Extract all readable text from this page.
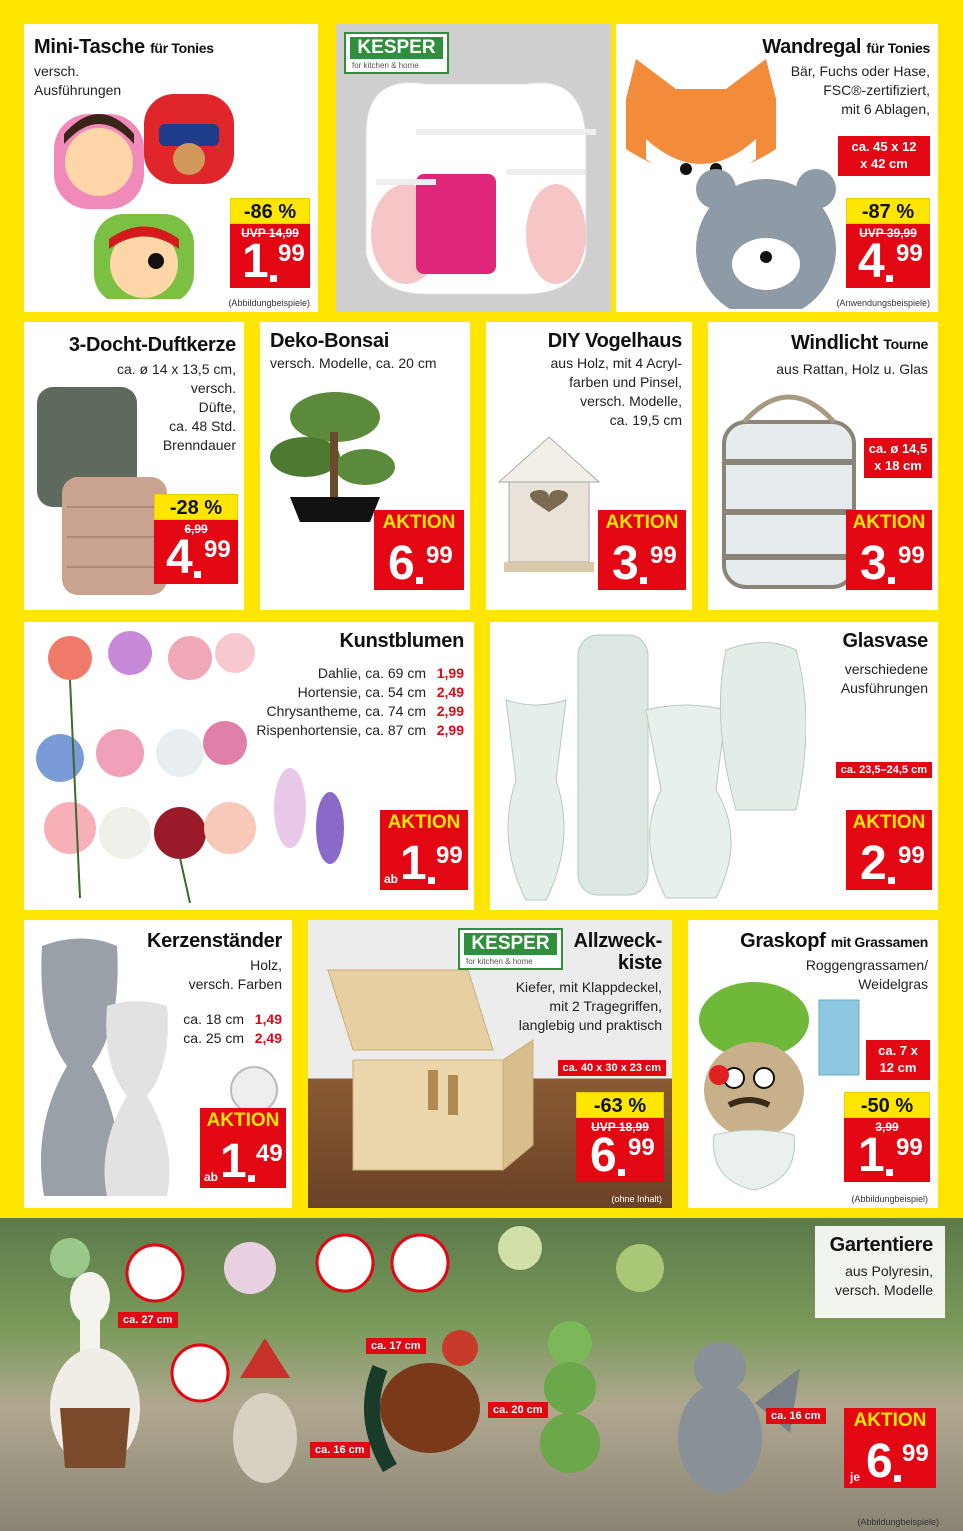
Mini-Tasche für Tonies
versch.
Ausführungen
-86 %
UVP 14,99
1 99
(Abbildungbeispiele)
KESPER
for kitchen & home
Wandregal für Tonies
Bär, Fuchs oder Hase,
FSC®-zertifiziert,
mit 6 Ablagen,
ca. 45 x 12
x 42 cm
-87 %
UVP 39,99
4 99
(Anwendungsbeispiele)
3-Docht-Duftkerze
ca. ø 14 x 13,5 cm,
versch.
Düfte,
ca. 48 Std.
Brenndauer
-28 %
6,99
4 99
Deko-Bonsai
versch. Modelle, ca. 20 cm
AKTION
6 99
DIY Vogelhaus
aus Holz, mit 4 Acryl-
farben und Pinsel,
versch. Modelle,
ca. 19,5 cm
AKTION
3 99
Windlicht Tourne
aus Rattan, Holz u. Glas
ca. ø 14,5
x 18 cm
AKTION
3 99
Kunstblumen
Dahlie, ca. 69 cm 1,99
Hortensie, ca. 54 cm 2,49
Chrysantheme, ca. 74 cm 2,99
Rispenhortensie, ca. 87 cm 2,99
AKTION
ab 1 99
Glasvase
verschiedene
Ausführungen
ca. 23,5–24,5 cm
AKTION
2 99
Kerzenständer
Holz,
versch. Farben
ca. 18 cm 1,49
ca. 25 cm 2,49
AKTION
ab 1 49
KESPER
for kitchen & home
Allzweck-
kiste
Kiefer, mit Klappdeckel,
mit 2 Tragegriffen,
langlebig und praktisch
ca. 40 x 30 x 23 cm
-63 %
UVP 18,99
6 99
(ohne Inhalt)
Graskopf mit Grassamen
Roggengrassamen/
Weidelgras
ca. 7 x
12 cm
-50 %
3,99
1 99
(Abbildungbeispiel)
ca. 27 cm
ca. 17 cm
ca. 20 cm
ca. 16 cm
ca. 16 cm
Gartentiere
aus Polyresin,
versch. Modelle
AKTION
je 6 99
(Abbildungbeispiele)
